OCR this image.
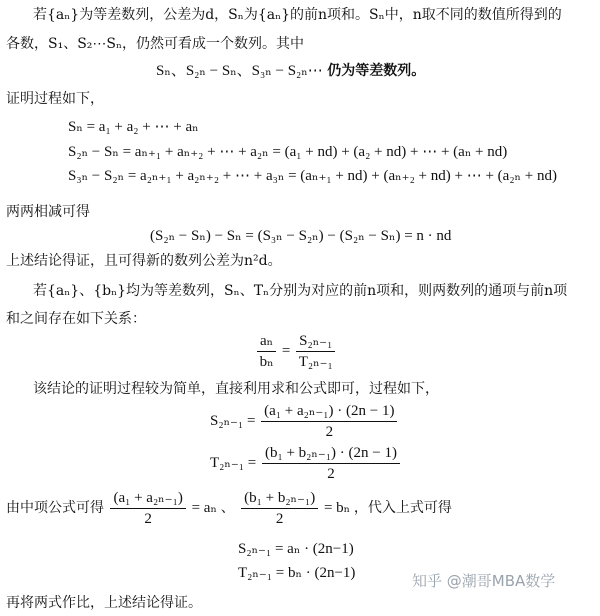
若{aₙ}为等差数列，公差为d，Sₙ为{aₙ}的前n项和。Sₙ中，n取不同的数值所得到的
各数，S₁、S₂⋯Sₙ，仍然可看成一个数列。其中
Sₙ、S₂ₙ − Sₙ、S₃ₙ − S₂ₙ⋯ 仍为等差数列。
证明过程如下，
Sₙ = a₁ + a₂ + ⋯ + aₙ
S₂ₙ − Sₙ = aₙ₊₁ + aₙ₊₂ + ⋯ + a₂ₙ = (a₁ + nd) + (a₂ + nd) + ⋯ + (aₙ + nd)
S₃ₙ − S₂ₙ = a₂ₙ₊₁ + a₂ₙ₊₂ + ⋯ + a₃ₙ = (aₙ₊₁ + nd) + (aₙ₊₂ + nd) + ⋯ + (a₂ₙ + nd)
两两相减可得
(S₂ₙ − Sₙ) − Sₙ = (S₃ₙ − S₂ₙ) − (S₂ₙ − Sₙ) = n · nd
上述结论得证，且可得新的数列公差为n²d。
若{aₙ}、{bₙ}均为等差数列，Sₙ、Tₙ分别为对应的前n项和，则两数列的通项与前n项
和之间存在如下关系：
$\frac{\text{aₙ}}{\text{bₙ}} = \frac{\text{S₂ₙ₋₁}}{\text{T₂ₙ₋₁}}$
该结论的证明过程较为简单，直接利用求和公式即可，过程如下，
$S_{2n-1} = \frac{\text{(a₁ + a₂ₙ₋₁) · (2n − 1)}}{2}$
$T_{2n-1} = \frac{\text{(b₁ + b₂ₙ₋₁) · (2n − 1)}}{2}$
由中项公式可得 $\frac{\text{(a₁ + a₂ₙ₋₁)}}{2} = a_n$ 、 $\frac{\text{(b₁ + b₂ₙ₋₁)}}{2} = b_n$ ，代入上式可得
S₂ₙ₋₁ = aₙ · (2n−1)
T₂ₙ₋₁ = bₙ · (2n−1)
再将两式作比，上述结论得证。
知乎 @潮哥MBA数学
